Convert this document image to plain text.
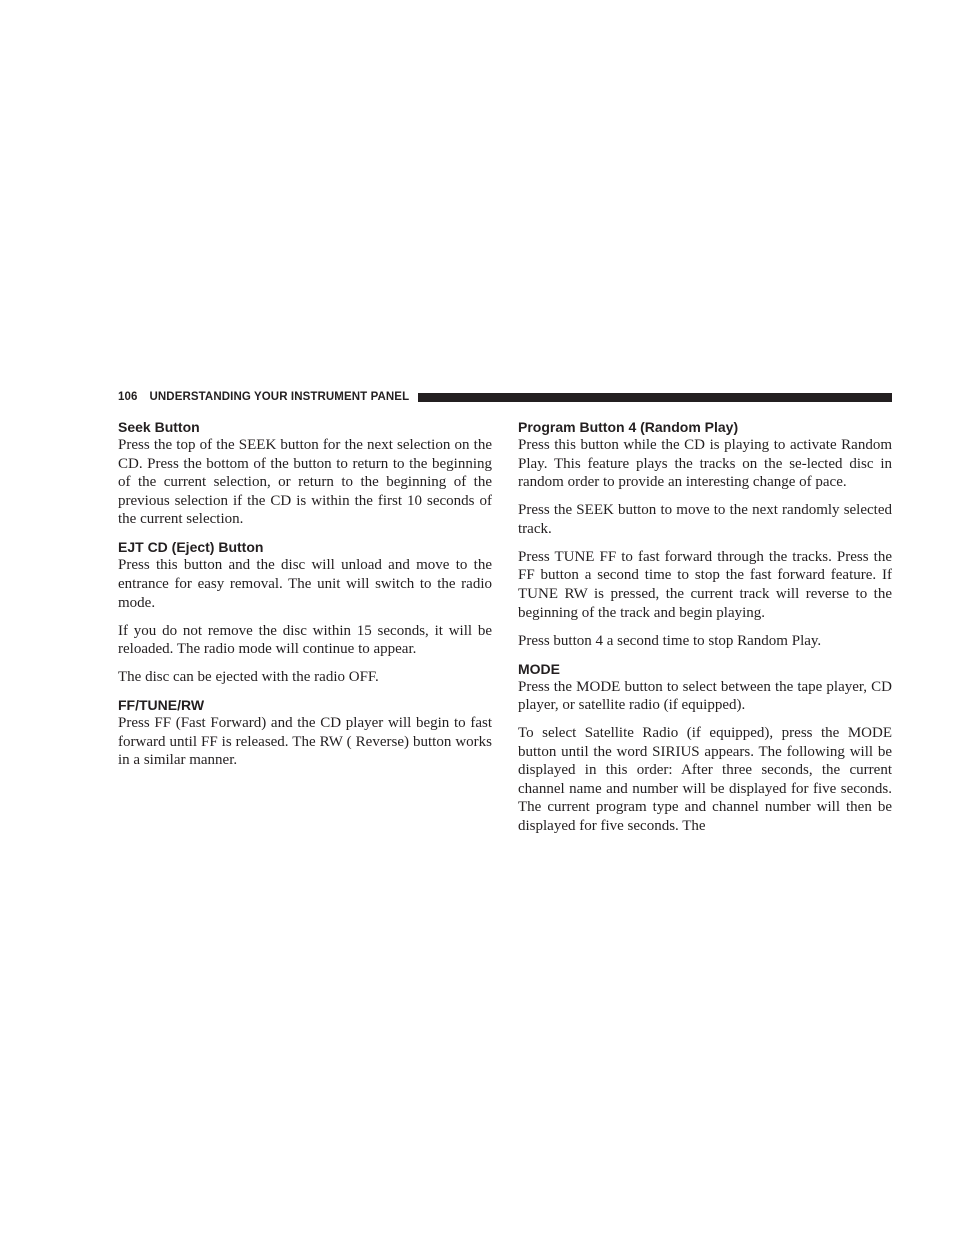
106 UNDERSTANDING YOUR INSTRUMENT PANEL
Seek Button

Press the top of the SEEK button for the next selection on the CD. Press the bottom of the button to return to the beginning of the current selection, or return to the beginning of the previous selection if the CD is within the first 10 seconds of the current selection.

EJT CD (Eject) Button

Press this button and the disc will unload and move to the entrance for easy removal. The unit will switch to the radio mode.

If you do not remove the disc within 15 seconds, it will be reloaded. The radio mode will continue to appear.

The disc can be ejected with the radio OFF.

FF/TUNE/RW

Press FF (Fast Forward) and the CD player will begin to fast forward until FF is released. The RW ( Reverse) button works in a similar manner.

Program Button 4 (Random Play)

Press this button while the CD is playing to activate Random Play. This feature plays the tracks on the se-lected disc in random order to provide an interesting change of pace.

Press the SEEK button to move to the next randomly selected track.

Press TUNE FF to fast forward through the tracks. Press the FF button a second time to stop the fast forward feature. If TUNE RW is pressed, the current track will reverse to the beginning of the track and begin playing.

Press button 4 a second time to stop Random Play.

MODE

Press the MODE button to select between the tape player, CD player, or satellite radio (if equipped).

To select Satellite Radio (if equipped), press the MODE button until the word SIRIUS appears. The following will be displayed in this order: After three seconds, the current channel name and number will be displayed for five seconds. The current program type and channel number will then be displayed for five seconds. The
